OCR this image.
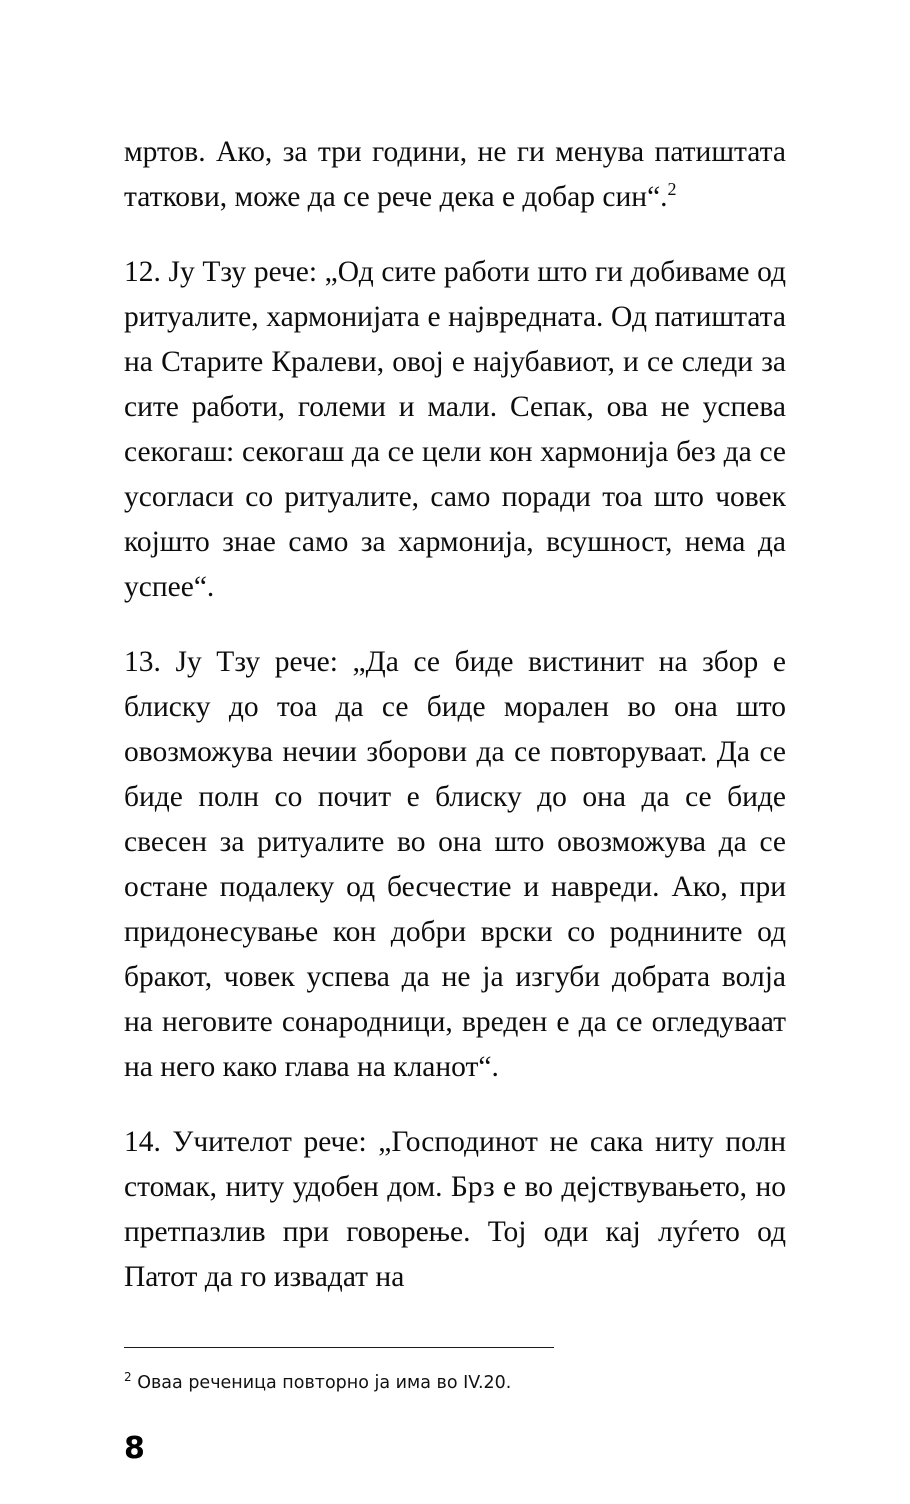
мртов. Ако, за три години, не ги менува патиштата таткови, може да се рече дека е добар син“.$^2$

12. Ју Тзу рече: „Од сите работи што ги добиваме од ритуалите, хармонијата е највредната. Од патиштата на Старите Кралеви, овој е најубавиот, и се следи за сите работи, големи и мали. Сепак, ова не успева секогаш: секогаш да се цели кон хармонија без да се усогласи со ритуалите, само поради тоа што човек којшто знае само за хармонија, всушност, нема да успее“.

13. Ју Тзу рече: „Да се биде вистинит на збор е блиску до тоа да се биде морален во она што овозможува нечии зборови да се повторуваат. Да се биде полн со почит е блиску до она да се биде свесен за ритуалите во она што овозможува да се остане подалеку од бесчестие и навреди. Ако, при придонесување кон добри врски со роднините од бракот, човек успева да не ја изгуби добрата волја на неговите сонародници, вреден е да се огледуваат на него како глава на кланот“.

14. Учителот рече: „Господинот не сака ниту полн стомак, ниту удобен дом. Брз е во дејствувањето, но претпазлив при говорење. Тој оди кај луѓето од Патот да го извадат на

$^2$ Оваа реченица повторно ја има во IV.20.

8
